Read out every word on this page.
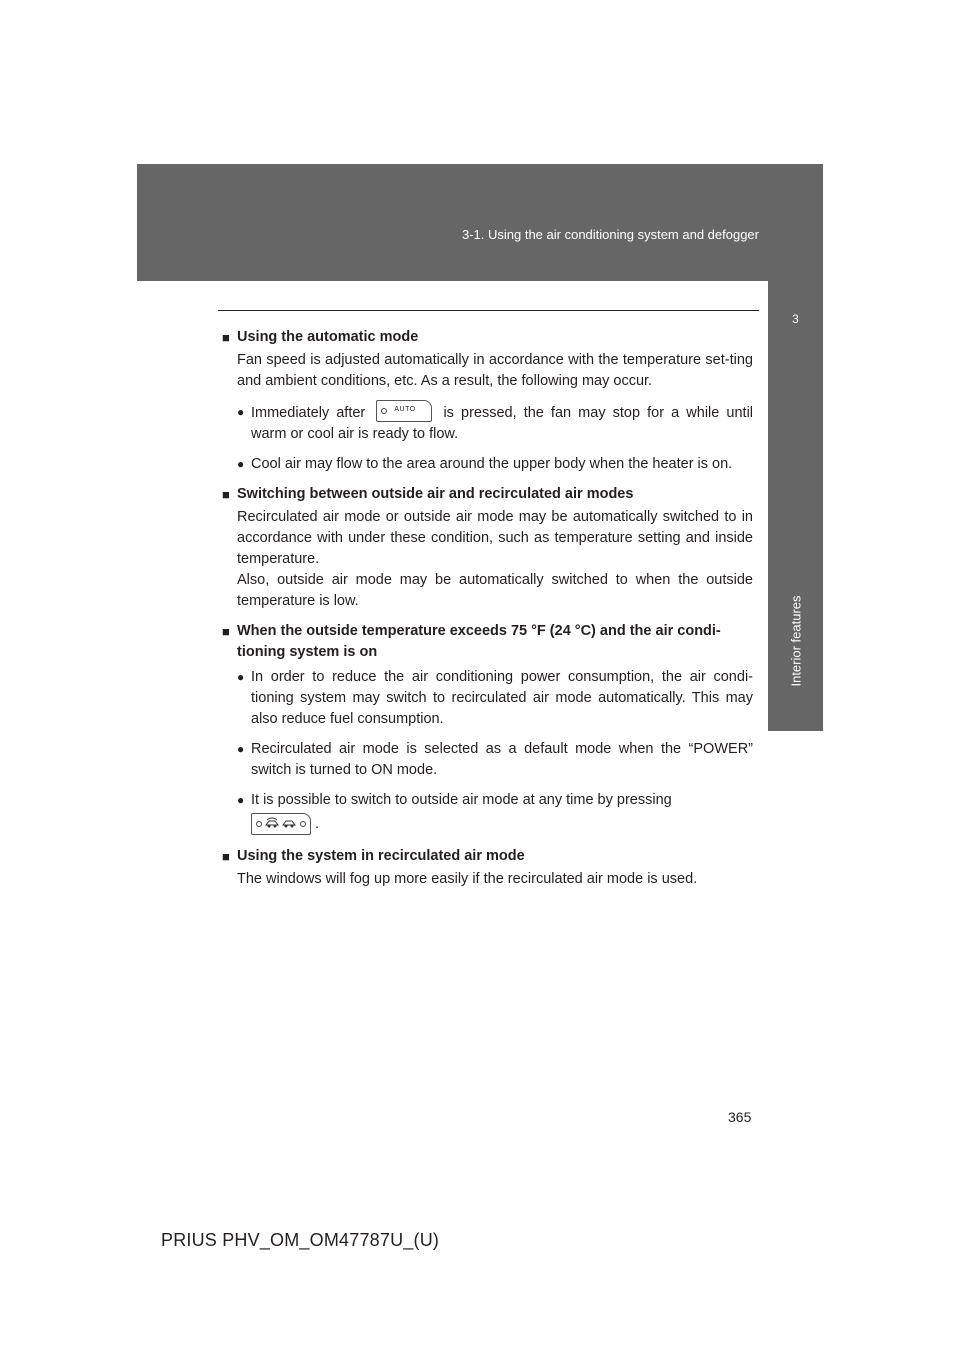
3-1. Using the air conditioning system and defogger
3
Interior features
■ Using the automatic mode
Fan speed is adjusted automatically in accordance with the temperature set-ting and ambient conditions, etc. As a result, the following may occur.
● Immediately after	AUTO is pressed, the fan may stop for a while until warm or cool air is ready to flow.
● Cool air may flow to the area around the upper body when the heater is on.
■ Switching between outside air and recirculated air modes
Recirculated air mode or outside air mode may be automatically switched to in accordance with under these condition, such as temperature setting and inside temperature.
Also, outside air mode may be automatically switched to when the outside temperature is low.
■ When the outside temperature exceeds 75 °F (24 °C) and the air condi-tioning system is on
● In order to reduce the air conditioning power consumption, the air condi-tioning system may switch to recirculated air mode automatically. This may also reduce fuel consumption.
● Recirculated air mode is selected as a default mode when the “POWER” switch is turned to ON mode.
● It is possible to switch to outside air mode at any time by pressing

.
■ Using the system in recirculated air mode
The windows will fog up more easily if the recirculated air mode is used.
365
PRIUS PHV_OM_OM47787U_(U)
